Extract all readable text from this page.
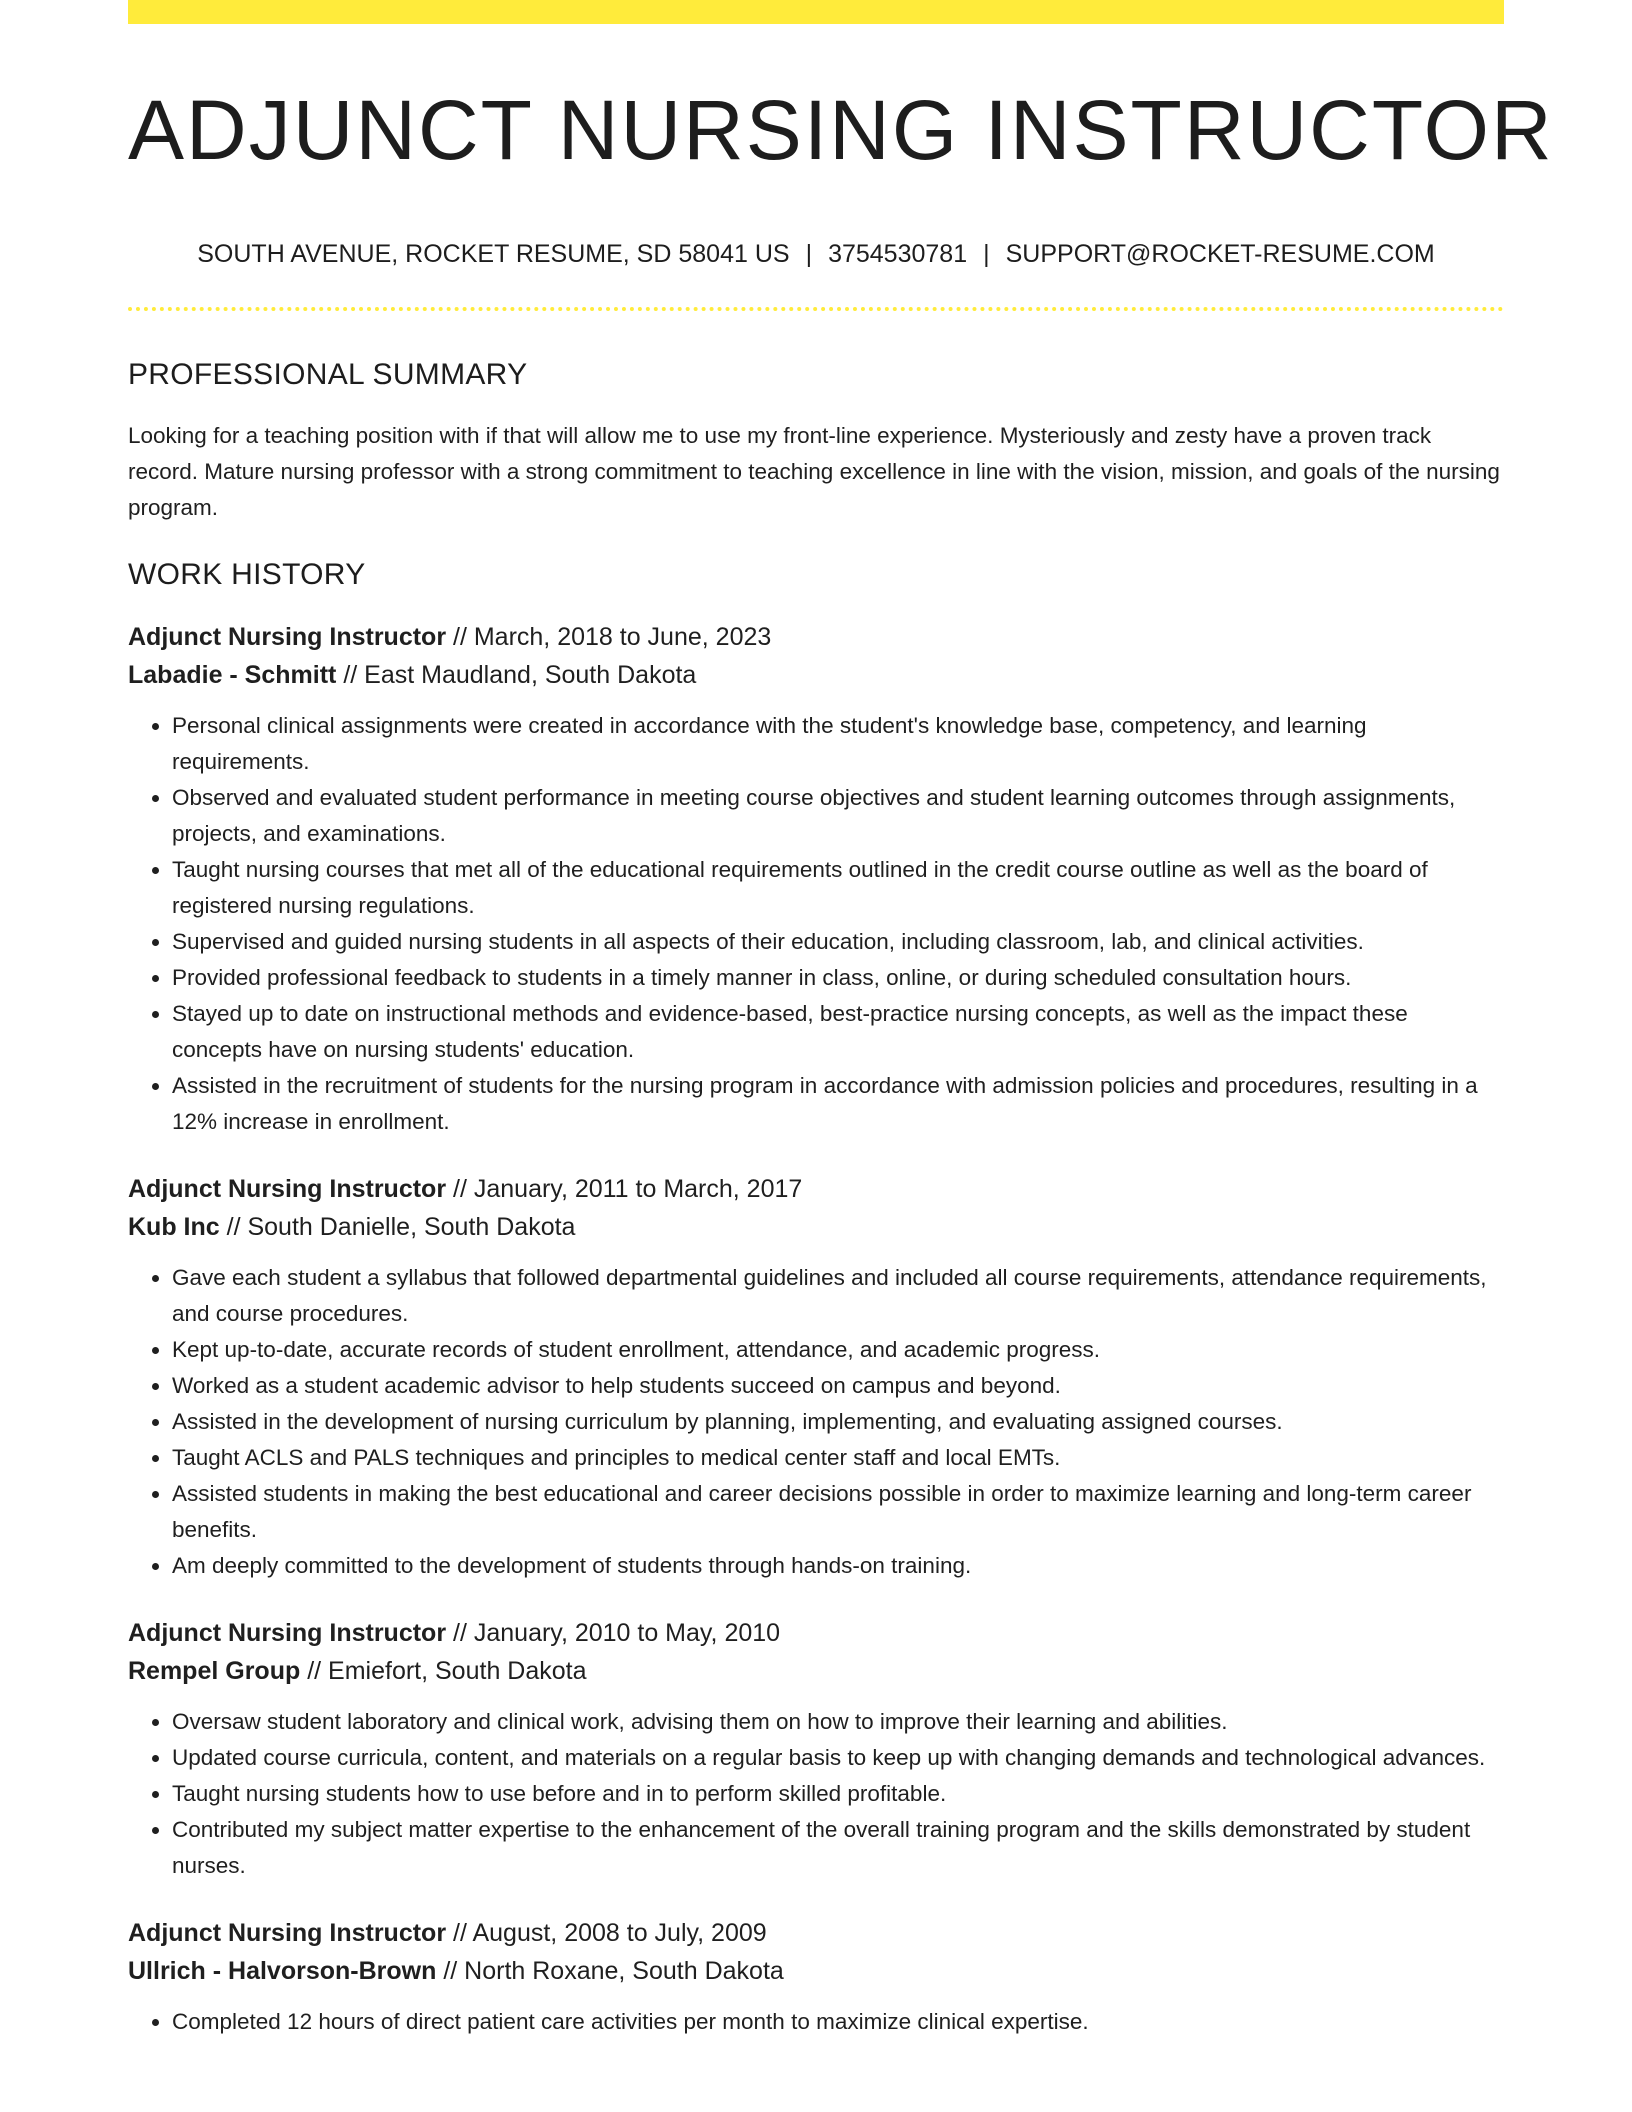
ADJUNCT NURSING INSTRUCTOR
SOUTH AVENUE, ROCKET RESUME, SD 58041 US | 3754530781 | SUPPORT@ROCKET-RESUME.COM
PROFESSIONAL SUMMARY
Looking for a teaching position with if that will allow me to use my front-line experience. Mysteriously and zesty have a proven track record. Mature nursing professor with a strong commitment to teaching excellence in line with the vision, mission, and goals of the nursing program.
WORK HISTORY
Adjunct Nursing Instructor // March, 2018 to June, 2023
Labadie - Schmitt // East Maudland, South Dakota
• Personal clinical assignments were created in accordance with the student's knowledge base, competency, and learning requirements.
• Observed and evaluated student performance in meeting course objectives and student learning outcomes through assignments, projects, and examinations.
• Taught nursing courses that met all of the educational requirements outlined in the credit course outline as well as the board of registered nursing regulations.
• Supervised and guided nursing students in all aspects of their education, including classroom, lab, and clinical activities.
• Provided professional feedback to students in a timely manner in class, online, or during scheduled consultation hours.
• Stayed up to date on instructional methods and evidence-based, best-practice nursing concepts, as well as the impact these concepts have on nursing students' education.
• Assisted in the recruitment of students for the nursing program in accordance with admission policies and procedures, resulting in a 12% increase in enrollment.
Adjunct Nursing Instructor // January, 2011 to March, 2017
Kub Inc // South Danielle, South Dakota
• Gave each student a syllabus that followed departmental guidelines and included all course requirements, attendance requirements, and course procedures.
• Kept up-to-date, accurate records of student enrollment, attendance, and academic progress.
• Worked as a student academic advisor to help students succeed on campus and beyond.
• Assisted in the development of nursing curriculum by planning, implementing, and evaluating assigned courses.
• Taught ACLS and PALS techniques and principles to medical center staff and local EMTs.
• Assisted students in making the best educational and career decisions possible in order to maximize learning and long-term career benefits.
• Am deeply committed to the development of students through hands-on training.
Adjunct Nursing Instructor // January, 2010 to May, 2010
Rempel Group // Emiefort, South Dakota
• Oversaw student laboratory and clinical work, advising them on how to improve their learning and abilities.
• Updated course curricula, content, and materials on a regular basis to keep up with changing demands and technological advances.
• Taught nursing students how to use before and in to perform skilled profitable.
• Contributed my subject matter expertise to the enhancement of the overall training program and the skills demonstrated by student nurses.
Adjunct Nursing Instructor // August, 2008 to July, 2009
Ullrich - Halvorson-Brown // North Roxane, South Dakota
• Completed 12 hours of direct patient care activities per month to maximize clinical expertise.
